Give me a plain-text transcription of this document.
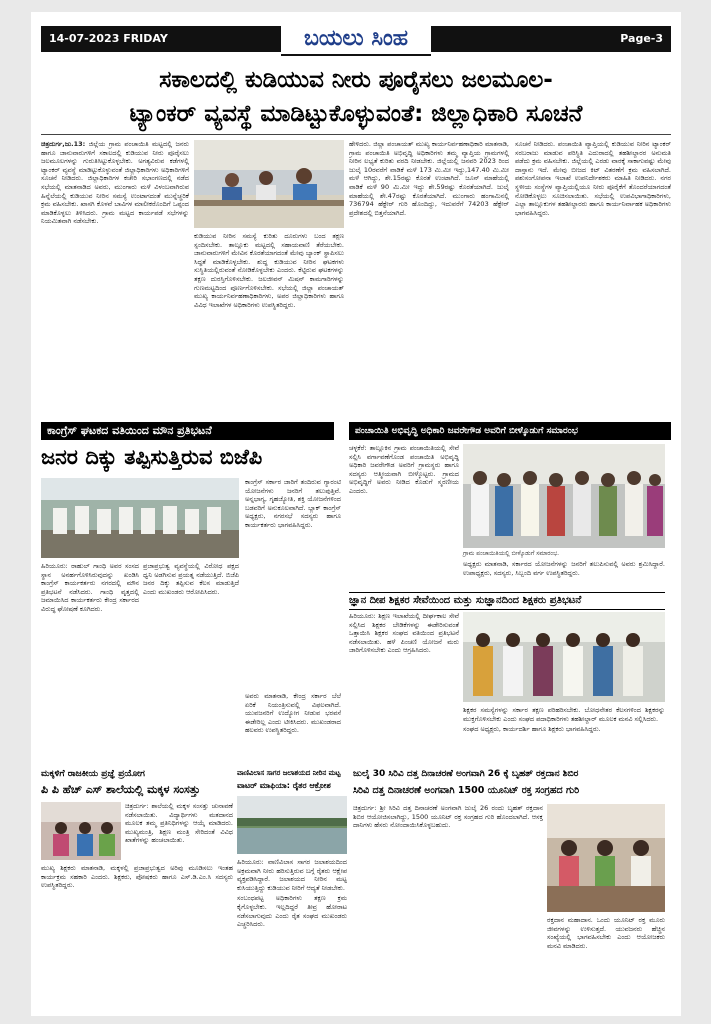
14-07-2023 FRIDAY	ಬಯಲು ಸಿಂಹ	Page-3
ಸಕಾಲದಲ್ಲಿ ಕುಡಿಯುವ ನೀರು ಪೂರೈಸಲು ಜಲಮೂಲ-
ಟ್ಯಾಂಕರ್ ವ್ಯವಸ್ಥೆ ಮಾಡಿಟ್ಟುಕೊಳ್ಳುವಂತೆ: ಜಿಲ್ಲಾಧಿಕಾರಿ ಸೂಚನೆ

ಚಿತ್ರದುರ್ಗ,ಜು.13: ಜಿಲ್ಲೆಯ ಗ್ರಾಮ ಪಂಚಾಯಿತಿ ಮಟ್ಟದಲ್ಲಿ ಜನರು ಹಾಗೂ ಜಾನುವಾರುಗಳಿಗೆ ಸಕಾಲದಲ್ಲಿ ಕುಡಿಯುವ ನೀರು ಪೂರೈಸಲು ಜಲಮೂಲಗಳನ್ನು ಗುರುತಿಸಿಟ್ಟುಕೊಳ್ಳಬೇಕು. ಅಗತ್ಯವಿರುವ ಕಡೆಗಳಲ್ಲಿ ಟ್ಯಾಂಕರ್ ವ್ಯವಸ್ಥೆ ಮಾಡಿಟ್ಟುಕೊಳ್ಳುವಂತೆ ಜಿಲ್ಲಾಧಿಕಾರಿಗಳು ಅಧಿಕಾರಿಗಳಿಗೆ ಸೂಚನೆ ನೀಡಿದರು. ಜಿಲ್ಲಾಧಿಕಾರಿಗಳ ಕಚೇರಿ ಸಭಾಂಗಣದಲ್ಲಿ ನಡೆದ ಸಭೆಯಲ್ಲಿ ಮಾತನಾಡಿದ ಅವರು, ಮುಂಗಾರು ಮಳೆ ವಿಳಂಬವಾಗಿರುವ ಹಿನ್ನೆಲೆಯಲ್ಲಿ ಕುಡಿಯುವ ನೀರಿನ ಸಮಸ್ಯೆ ಉಂಟಾಗದಂತೆ ಮುನ್ನೆಚ್ಚರಿಕೆ ಕ್ರಮ ವಹಿಸಬೇಕು. ಖಾಸಗಿ ಕೊಳವೆ ಬಾವಿಗಳ ಮಾಲೀಕರೊಂದಿಗೆ ಒಪ್ಪಂದ ಮಾಡಿಕೊಳ್ಳಲು ತಿಳಿಸಿದರು. ಗ್ರಾಮ ಮಟ್ಟದ ಕಾರ್ಯಪಡೆ ಸಭೆಗಳನ್ನು ನಿಯಮಿತವಾಗಿ ನಡೆಸಬೇಕು.

ಕುಡಿಯುವ ನೀರಿನ ಸಮಸ್ಯೆ ಕುರಿತು ದೂರುಗಳು ಬಂದ ತಕ್ಷಣ ಸ್ಪಂದಿಸಬೇಕು. ತಾಲ್ಲೂಕು ಮಟ್ಟದಲ್ಲಿ ಸಹಾಯವಾಣಿ ತೆರೆಯಬೇಕು. ಜಾನುವಾರುಗಳಿಗೆ ಮೇವಿನ ಕೊರತೆಯಾಗದಂತೆ ಮೇವು ಬ್ಯಾಂಕ್ ಸ್ಥಾಪಿಸಲು ಸಿದ್ಧತೆ ಮಾಡಿಕೊಳ್ಳಬೇಕು. ಶುದ್ಧ ಕುಡಿಯುವ ನೀರಿನ ಘಟಕಗಳು ಸುಸ್ಥಿತಿಯಲ್ಲಿರುವಂತೆ ನೋಡಿಕೊಳ್ಳಬೇಕು ಎಂದರು. ಕೆಟ್ಟಿರುವ ಘಟಕಗಳನ್ನು ತಕ್ಷಣ ದುರಸ್ತಿಗೊಳಿಸಬೇಕು. ಜಲಜೀವನ್ ಮಿಷನ್ ಕಾಮಗಾರಿಗಳನ್ನು ಗುಣಮಟ್ಟದಿಂದ ಪೂರ್ಣಗೊಳಿಸಬೇಕು. ಸಭೆಯಲ್ಲಿ ಜಿಲ್ಲಾ ಪಂಚಾಯತ್ ಮುಖ್ಯ ಕಾರ್ಯನಿರ್ವಹಣಾಧಿಕಾರಿಗಳು, ಅಪರ ಜಿಲ್ಲಾಧಿಕಾರಿಗಳು ಹಾಗೂ ವಿವಿಧ ಇಲಾಖೆಗಳ ಅಧಿಕಾರಿಗಳು ಉಪಸ್ಥಿತರಿದ್ದರು.

ಹೇಳಿದರು. ಜಿಲ್ಲಾ ಪಂಚಾಯತ್ ಮುಖ್ಯ ಕಾರ್ಯನಿರ್ವಹಣಾಧಿಕಾರಿ ಮಾತನಾಡಿ, ಗ್ರಾಮ ಪಂಚಾಯಿತಿ ಅಭಿವೃದ್ಧಿ ಅಧಿಕಾರಿಗಳು ತಮ್ಮ ವ್ಯಾಪ್ತಿಯ ಗ್ರಾಮಗಳಲ್ಲಿ ನೀರಿನ ಲಭ್ಯತೆ ಕುರಿತು ವರದಿ ನೀಡಬೇಕು. ಜಿಲ್ಲೆಯಲ್ಲಿ ಜನವರಿ 2023 ರಿಂದ ಜುಲೈ 10ರವರೆಗೆ ವಾಡಿಕೆ ಮಳೆ 173 ಮಿ.ಮೀ ಇದ್ದು,147.40 ಮಿ.ಮೀ ಮಳೆ ಆಗಿದ್ದು, ಶೇ.15ರಷ್ಟು ಕೊರತೆ ಉಂಟಾಗಿದೆ. ಜೂನ್ ಮಾಹೆಯಲ್ಲಿ ವಾಡಿಕೆ ಮಳೆ 90 ಮಿ.ಮೀ ಇದ್ದು ಶೇ.59ರಷ್ಟು ಕೊರತೆಯಾಗಿದೆ. ಜುಲೈ ಮಾಹೆಯಲ್ಲಿ ಶೇ.47ರಷ್ಟು ಕೊರತೆಯಾಗಿದೆ. ಮುಂಗಾರು ಹಂಗಾಮಿನಲ್ಲಿ 736794 ಹೆಕ್ಟೇರ್ ಗುರಿ ಹೊಂದಿದ್ದು, ಇದುವರೆಗೆ 74203 ಹೆಕ್ಟೇರ್ ಪ್ರದೇಶದಲ್ಲಿ ಬಿತ್ತನೆಯಾಗಿದೆ.

ಸೂಚನೆ ನೀಡಿದರು. ಪಂಚಾಯಿತಿ ವ್ಯಾಪ್ತಿಯಲ್ಲಿ ಕುಡಿಯುವ ನೀರಿನ ಟ್ಯಾಂಕರ್ ಸರಬರಾಜು ಮಾಡುವ ಪರಿಸ್ಥಿತಿ ಎದುರಾದಲ್ಲಿ ತಹಶೀಲ್ದಾರರ ಅನುಮತಿ ಪಡೆದು ಕ್ರಮ ವಹಿಸಬೇಕು. ಜಿಲ್ಲೆಯಲ್ಲಿ ಎರಡು ವಾರಕ್ಕೆ ಸಾಕಾಗುವಷ್ಟು ಮೇವು ದಾಸ್ತಾನು ಇದೆ. ಮೇವು ಬೀಜದ ಕಿಟ್ ವಿತರಣೆಗೆ ಕ್ರಮ ವಹಿಸಲಾಗಿದೆ. ಪಶುಸಂಗೋಪನಾ ಇಲಾಖೆ ಉಪನಿರ್ದೇಶಕರು ಮಾಹಿತಿ ನೀಡಿದರು. ನಗರ ಸ್ಥಳೀಯ ಸಂಸ್ಥೆಗಳ ವ್ಯಾಪ್ತಿಯಲ್ಲಿಯೂ ನೀರು ಪೂರೈಕೆಗೆ ತೊಂದರೆಯಾಗದಂತೆ ನೋಡಿಕೊಳ್ಳಲು ಸೂಚಿಸಲಾಯಿತು. ಸಭೆಯಲ್ಲಿ ಉಪವಿಭಾಗಾಧಿಕಾರಿಗಳು, ಎಲ್ಲಾ ತಾಲ್ಲೂಕುಗಳ ತಹಶೀಲ್ದಾರರು ಹಾಗೂ ಕಾರ್ಯನಿರ್ವಾಹಕ ಅಧಿಕಾರಿಗಳು ಭಾಗವಹಿಸಿದ್ದರು.

ಕಾಂಗ್ರೆಸ್ ಘಟಕದ ವತಿಯಿಂದ ಮೌನ ಪ್ರತಿಭಟನೆ
ಜನರ ದಿಕ್ಕು ತಪ್ಪಿಸುತ್ತಿರುವ ಬಿಜೆಪಿ

ಹಿರಿಯೂರು: ರಾಹುಲ್ ಗಾಂಧಿ ಅವರ ಸಂಸದ ಸ್ಥಾನ ಅನರ್ಹಗೊಳಿಸಿರುವುದನ್ನು ಖಂಡಿಸಿ ಕಾಂಗ್ರೆಸ್ ಕಾರ್ಯಕರ್ತರು ನಗರದಲ್ಲಿ ಮೌನ ಪ್ರತಿಭಟನೆ ನಡೆಸಿದರು. ಗಾಂಧಿ ವೃತ್ತದಲ್ಲಿ ಜಮಾಯಿಸಿದ ಕಾರ್ಯಕರ್ತರು ಕೇಂದ್ರ ಸರ್ಕಾರದ ವಿರುದ್ಧ ಘೋಷಣೆ ಕೂಗಿದರು.

ಪ್ರಜಾಪ್ರಭುತ್ವ ವ್ಯವಸ್ಥೆಯಲ್ಲಿ ವಿರೋಧ ಪಕ್ಷದ ಧ್ವನಿ ಅಡಗಿಸುವ ಪ್ರಯತ್ನ ನಡೆಯುತ್ತಿದೆ. ಬಿಜೆಪಿ ಜನರ ದಿಕ್ಕು ತಪ್ಪಿಸುವ ಕೆಲಸ ಮಾಡುತ್ತಿದೆ ಎಂದು ಮುಖಂಡರು ಆರೋಪಿಸಿದರು.

ಕಾಂಗ್ರೆಸ್ ಸರ್ಕಾರ ಜಾರಿಗೆ ತಂದಿರುವ ಗ್ಯಾರಂಟಿ ಯೋಜನೆಗಳು ಜನರಿಗೆ ತಲುಪುತ್ತಿವೆ. ಅನ್ನಭಾಗ್ಯ, ಗೃಹಜ್ಯೋತಿ, ಶಕ್ತಿ ಯೋಜನೆಗಳಿಂದ ಬಡವರಿಗೆ ಅನುಕೂಲವಾಗಿದೆ. ಬ್ಲಾಕ್ ಕಾಂಗ್ರೆಸ್ ಅಧ್ಯಕ್ಷರು, ನಗರಸಭೆ ಸದಸ್ಯರು ಹಾಗೂ ಕಾರ್ಯಕರ್ತರು ಭಾಗವಹಿಸಿದ್ದರು.

ಅವರು ಮಾತನಾಡಿ, ಕೇಂದ್ರ ಸರ್ಕಾರ ಬೆಲೆ ಏರಿಕೆ ನಿಯಂತ್ರಿಸುವಲ್ಲಿ ವಿಫಲವಾಗಿದೆ. ಯುವಜನರಿಗೆ ಉದ್ಯೋಗ ನೀಡುವ ಭರವಸೆ ಈಡೇರಿಲ್ಲ ಎಂದು ಟೀಕಿಸಿದರು. ಮುಖಂಡರಾದ ಹಲವರು ಉಪಸ್ಥಿತರಿದ್ದರು.

ಪಂಚಾಯಿತಿ ಅಭಿವೃದ್ಧಿ ಅಧಿಕಾರಿ ಜವರೇಗೌಡ ಅವರಿಗೆ ಬೀಳ್ಕೊಡುಗೆ ಸಮಾರಂಭ

ಚಳ್ಳಕೆರೆ: ತಾಲ್ಲೂಕಿನ ಗ್ರಾಮ ಪಂಚಾಯಿತಿಯಲ್ಲಿ ಸೇವೆ ಸಲ್ಲಿಸಿ ವರ್ಗಾವಣೆಗೊಂಡ ಪಂಚಾಯಿತಿ ಅಭಿವೃದ್ಧಿ ಅಧಿಕಾರಿ ಜವರೇಗೌಡ ಅವರಿಗೆ ಗ್ರಾಮಸ್ಥರು ಹಾಗೂ ಸದಸ್ಯರು ಆತ್ಮೀಯವಾಗಿ ಬೀಳ್ಕೊಟ್ಟರು. ಗ್ರಾಮದ ಅಭಿವೃದ್ಧಿಗೆ ಅವರು ನೀಡಿದ ಕೊಡುಗೆ ಸ್ಮರಣೀಯ ಎಂದರು.

ಗ್ರಾಮ ಪಂಚಾಯಿತಿಯಲ್ಲಿ ಬೀಳ್ಕೊಡುಗೆ ಸಮಾರಂಭ.

ಅಧ್ಯಕ್ಷರು ಮಾತನಾಡಿ, ಸರ್ಕಾರದ ಯೋಜನೆಗಳನ್ನು ಜನರಿಗೆ ತಲುಪಿಸುವಲ್ಲಿ ಅವರು ಶ್ರಮಿಸಿದ್ದಾರೆ. ಉಪಾಧ್ಯಕ್ಷರು, ಸದಸ್ಯರು, ಸಿಬ್ಬಂದಿ ವರ್ಗ ಉಪಸ್ಥಿತರಿದ್ದರು.

ಜ್ಞಾನ ದೀಪ ಶಿಕ್ಷಕರ ಸೇವೆಯಿಂದ ಮತ್ತು ಸುಜ್ಞಾನದಿಂದ ಶಿಕ್ಷಕರು ಪ್ರತಿಭಟನೆ

ಹಿರಿಯೂರು: ಶಿಕ್ಷಣ ಇಲಾಖೆಯಲ್ಲಿ ದೀರ್ಘಕಾಲ ಸೇವೆ ಸಲ್ಲಿಸಿದ ಶಿಕ್ಷಕರ ಬೇಡಿಕೆಗಳನ್ನು ಈಡೇರಿಸುವಂತೆ ಒತ್ತಾಯಿಸಿ ಶಿಕ್ಷಕರ ಸಂಘದ ವತಿಯಿಂದ ಪ್ರತಿಭಟನೆ ನಡೆಸಲಾಯಿತು. ಹಳೆ ಪಿಂಚಣಿ ಯೋಜನೆ ಮರು ಜಾರಿಗೊಳಿಸಬೇಕು ಎಂದು ಆಗ್ರಹಿಸಿದರು.

ಶಿಕ್ಷಕರ ಸಮಸ್ಯೆಗಳನ್ನು ಸರ್ಕಾರ ತಕ್ಷಣ ಪರಿಹರಿಸಬೇಕು. ಬೋಧನೇತರ ಕೆಲಸಗಳಿಂದ ಶಿಕ್ಷಕರನ್ನು ಮುಕ್ತಗೊಳಿಸಬೇಕು ಎಂದು ಸಂಘದ ಪದಾಧಿಕಾರಿಗಳು ತಹಶೀಲ್ದಾರ್ ಮೂಲಕ ಮನವಿ ಸಲ್ಲಿಸಿದರು.

ಸಂಘದ ಅಧ್ಯಕ್ಷರು, ಕಾರ್ಯದರ್ಶಿ ಹಾಗೂ ಶಿಕ್ಷಕರು ಭಾಗವಹಿಸಿದ್ದರು.

ಮಕ್ಕಳಿಗೆ ರಾಜಕೀಯ ಪ್ರಜ್ಞೆ ಪ್ರಯೋಗ
ಪಿ ಪಿ ಹೆಚ್ ಎಸ್ ಶಾಲೆಯಲ್ಲಿ ಮಕ್ಕಳ ಸಂಸತ್ತು

ಚಿತ್ರದುರ್ಗ: ಶಾಲೆಯಲ್ಲಿ ಮಕ್ಕಳ ಸಂಸತ್ತು ಚುನಾವಣೆ ನಡೆಸಲಾಯಿತು. ವಿದ್ಯಾರ್ಥಿಗಳು ಮತದಾನದ ಮೂಲಕ ತಮ್ಮ ಪ್ರತಿನಿಧಿಗಳನ್ನು ಆಯ್ಕೆ ಮಾಡಿದರು. ಮುಖ್ಯಮಂತ್ರಿ, ಶಿಕ್ಷಣ ಮಂತ್ರಿ ಸೇರಿದಂತೆ ವಿವಿಧ ಖಾತೆಗಳನ್ನು ಹಂಚಲಾಯಿತು.

ಮುಖ್ಯ ಶಿಕ್ಷಕರು ಮಾತನಾಡಿ, ಮಕ್ಕಳಲ್ಲಿ ಪ್ರಜಾಪ್ರಭುತ್ವದ ಅರಿವು ಮೂಡಿಸಲು ಇಂತಹ ಕಾರ್ಯಕ್ರಮ ಸಹಕಾರಿ ಎಂದರು. ಶಿಕ್ಷಕರು, ಪೋಷಕರು ಹಾಗೂ ಎಸ್.ಡಿ.ಎಂ.ಸಿ ಸದಸ್ಯರು ಉಪಸ್ಥಿತರಿದ್ದರು.

ವಾಣಿವಿಲಾಸ ಸಾಗರ ಜಲಾಶಯದ ನೀರಿನ ಮಟ್ಟ
ವಾಟರ್ ಮಾಫಿಯಾ: ರೈತರ ಆಕ್ರೋಶ

ಹಿರಿಯೂರು: ವಾಣಿವಿಲಾಸ ಸಾಗರ ಜಲಾಶಯದಿಂದ ಅಕ್ರಮವಾಗಿ ನೀರು ಹರಿಸುತ್ತಿರುವ ಬಗ್ಗೆ ರೈತರು ಆಕ್ಷೇಪ ವ್ಯಕ್ತಪಡಿಸಿದ್ದಾರೆ. ಜಲಾಶಯದ ನೀರಿನ ಮಟ್ಟ ಕುಸಿಯುತ್ತಿದ್ದು ಕುಡಿಯುವ ನೀರಿಗೆ ಆದ್ಯತೆ ನೀಡಬೇಕು.

ಸಂಬಂಧಪಟ್ಟ ಅಧಿಕಾರಿಗಳು ತಕ್ಷಣ ಕ್ರಮ ಕೈಗೊಳ್ಳಬೇಕು. ಇಲ್ಲದಿದ್ದರೆ ತೀವ್ರ ಹೋರಾಟ ನಡೆಸಲಾಗುವುದು ಎಂದು ರೈತ ಸಂಘದ ಮುಖಂಡರು ಎಚ್ಚರಿಸಿದರು.

ಜುಲೈ 30 ಸಿರಿವಿ ದತ್ತ ದಿನಾಚರಣೆ ಅಂಗವಾಗಿ 26 ಕ್ಕೆ ಬೃಹತ್ ರಕ್ತದಾನ ಶಿಬಿರ
ಸಿರಿವಿ ದತ್ತ ದಿನಾಚರಣೆ ಅಂಗವಾಗಿ 1500 ಯೂನಿಟ್ ರಕ್ತ ಸಂಗ್ರಹದ ಗುರಿ

ಚಿತ್ರದುರ್ಗ: ಶ್ರೀ ಸಿರಿವಿ ದತ್ತ ದಿನಾಚರಣೆ ಅಂಗವಾಗಿ ಜುಲೈ 26 ರಂದು ಬೃಹತ್ ರಕ್ತದಾನ ಶಿಬಿರ ಆಯೋಜಿಸಲಾಗಿದ್ದು, 1500 ಯೂನಿಟ್ ರಕ್ತ ಸಂಗ್ರಹದ ಗುರಿ ಹೊಂದಲಾಗಿದೆ. ಆಸಕ್ತ ದಾನಿಗಳು ಹೆಸರು ನೋಂದಾಯಿಸಿಕೊಳ್ಳಬಹುದು.

ರಕ್ತದಾನ ಮಹಾದಾನ. ಒಂದು ಯೂನಿಟ್ ರಕ್ತ ಮೂರು ಜೀವಗಳನ್ನು ಉಳಿಸುತ್ತದೆ. ಯುವಜನರು ಹೆಚ್ಚಿನ ಸಂಖ್ಯೆಯಲ್ಲಿ ಭಾಗವಹಿಸಬೇಕು ಎಂದು ಆಯೋಜಕರು ಮನವಿ ಮಾಡಿದರು.
